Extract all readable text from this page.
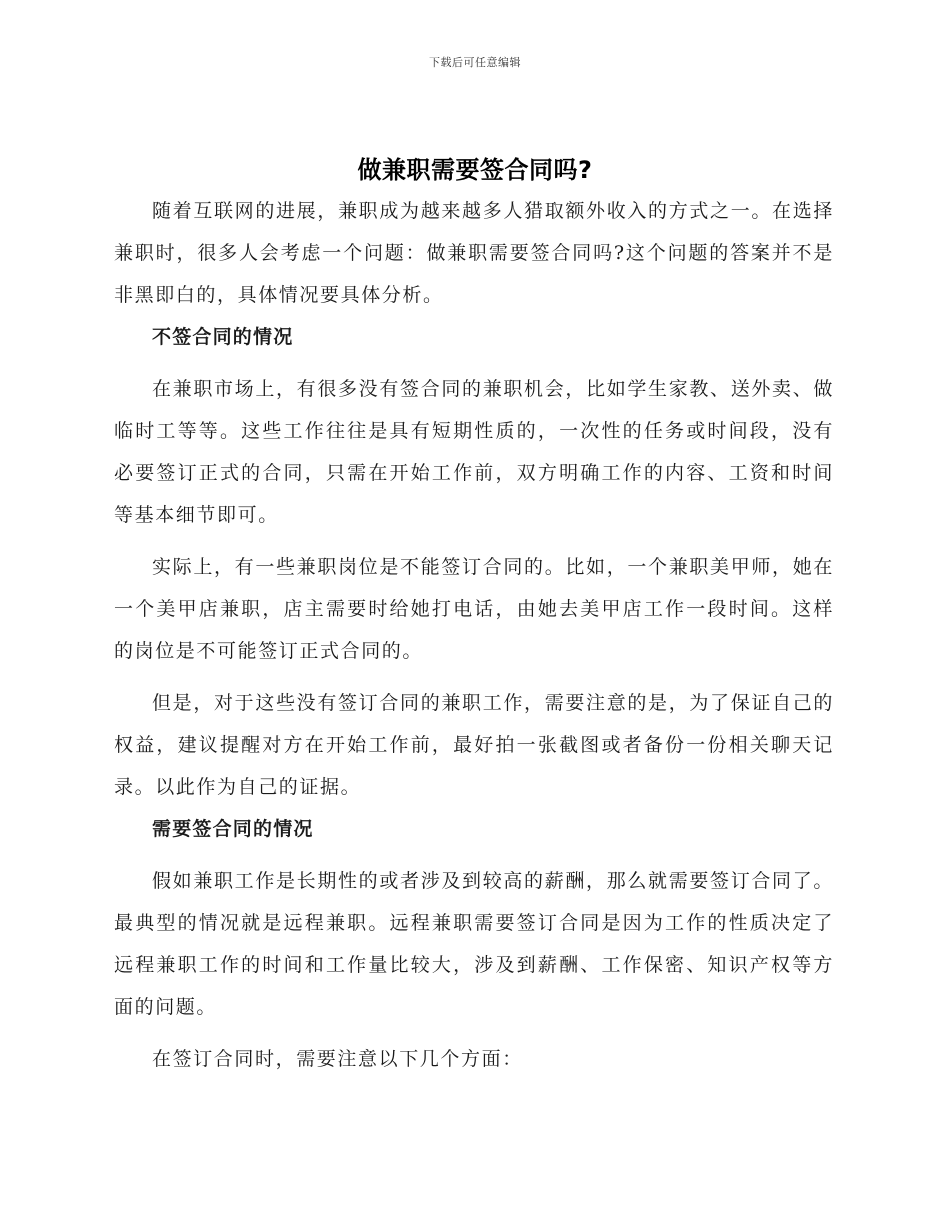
下载后可任意编辑
做兼职需要签合同吗?

随着互联网的进展，兼职成为越来越多人猎取额外收入的方式之一。在选择兼职时，很多人会考虑一个问题：做兼职需要签合同吗?这个问题的答案并不是非黑即白的，具体情况要具体分析。

不签合同的情况

在兼职市场上，有很多没有签合同的兼职机会，比如学生家教、送外卖、做临时工等等。这些工作往往是具有短期性质的，一次性的任务或时间段，没有必要签订正式的合同，只需在开始工作前，双方明确工作的内容、工资和时间等基本细节即可。

实际上，有一些兼职岗位是不能签订合同的。比如，一个兼职美甲师，她在一个美甲店兼职，店主需要时给她打电话，由她去美甲店工作一段时间。这样的岗位是不可能签订正式合同的。

但是，对于这些没有签订合同的兼职工作，需要注意的是，为了保证自己的权益，建议提醒对方在开始工作前，最好拍一张截图或者备份一份相关聊天记录。以此作为自己的证据。

需要签合同的情况

假如兼职工作是长期性的或者涉及到较高的薪酬，那么就需要签订合同了。最典型的情况就是远程兼职。远程兼职需要签订合同是因为工作的性质决定了远程兼职工作的时间和工作量比较大，涉及到薪酬、工作保密、知识产权等方面的问题。

在签订合同时，需要注意以下几个方面：
